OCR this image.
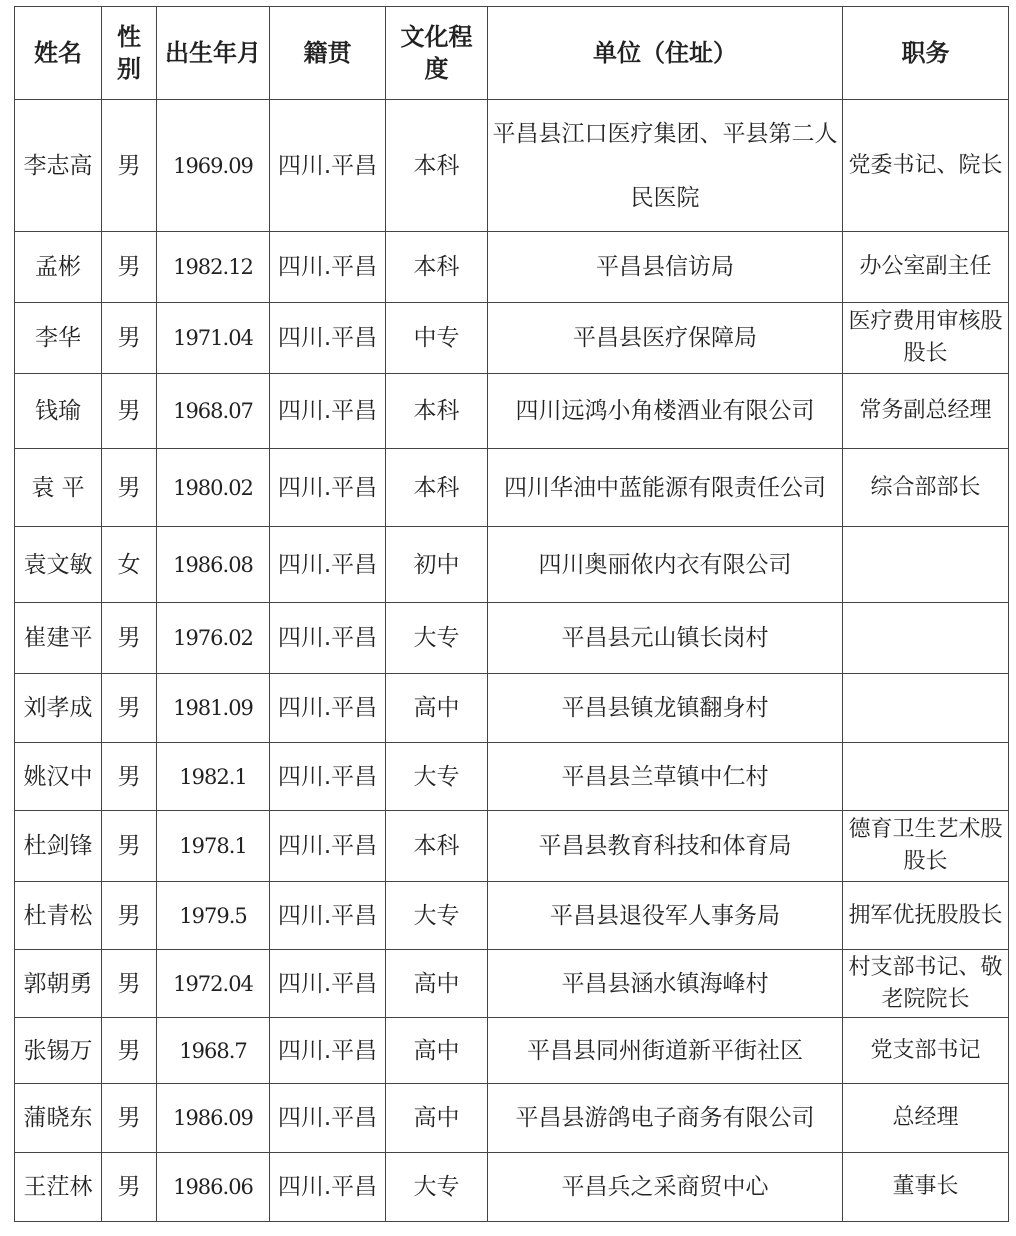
姓名	性别	出生年月	籍贯	文化程度	单位（住址）	职务
李志高	男	1969.09	四川.平昌	本科	平昌县江口医疗集团、平县第二人民医院	党委书记、院长
孟彬	男	1982.12	四川.平昌	本科	平昌县信访局	办公室副主任
李华	男	1971.04	四川.平昌	中专	平昌县医疗保障局	医疗费用审核股股长
钱瑜	男	1968.07	四川.平昌	本科	四川远鸿小角楼酒业有限公司	常务副总经理
袁 平	男	1980.02	四川.平昌	本科	四川华油中蓝能源有限责任公司	综合部部长
袁文敏	女	1986.08	四川.平昌	初中	四川奥丽侬内衣有限公司	
崔建平	男	1976.02	四川.平昌	大专	平昌县元山镇长岗村	
刘孝成	男	1981.09	四川.平昌	高中	平昌县镇龙镇翻身村	
姚汉中	男	1982.1	四川.平昌	大专	平昌县兰草镇中仁村	
杜剑锋	男	1978.1	四川.平昌	本科	平昌县教育科技和体育局	德育卫生艺术股股长
杜青松	男	1979.5	四川.平昌	大专	平昌县退役军人事务局	拥军优抚股股长
郭朝勇	男	1972.04	四川.平昌	高中	平昌县涵水镇海峰村	村支部书记、敬老院院长
张锡万	男	1968.7	四川.平昌	高中	平昌县同州街道新平街社区	党支部书记
蒲晓东	男	1986.09	四川.平昌	高中	平昌县游鸽电子商务有限公司	总经理
王茳林	男	1986.06	四川.平昌	大专	平昌兵之采商贸中心	董事长
